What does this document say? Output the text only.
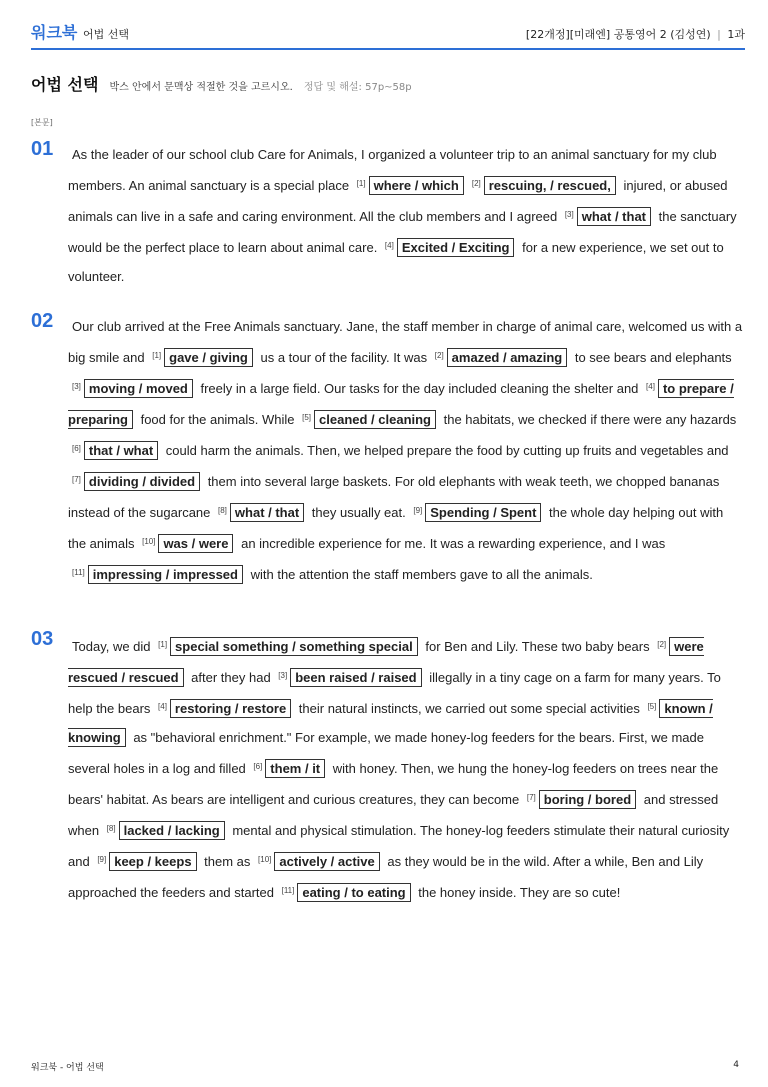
워크북 어법 선택	[22개정][미래엔] 공통영어 2 (김성연) | 1과
어법 선택 박스 안에서 문맥상 적절한 것을 고르시오. 정답 및 해설: 57p~58p
[본문]
01	As the leader of our school club Care for Animals, I organized a volunteer trip to an animal sanctuary for my club members. An animal sanctuary is a special place [1] where / which [2] rescuing, / rescued, injured, or abused animals can live in a safe and caring environment. All the club members and I agreed [3] what / that the sanctuary would be the perfect place to learn about animal care. [4] Excited / Exciting for a new experience, we set out to volunteer.
02	Our club arrived at the Free Animals sanctuary. Jane, the staff member in charge of animal care, welcomed us with a big smile and [1] gave / giving us a tour of the facility. It was [2] amazed / amazing to see bears and elephants [3] moving / moved freely in a large field. Our tasks for the day included cleaning the shelter and [4] to prepare / preparing food for the animals. While [5] cleaned / cleaning the habitats, we checked if there were any hazards [6] that / what could harm the animals. Then, we helped prepare the food by cutting up fruits and vegetables and [7] dividing / divided them into several large baskets. For old elephants with weak teeth, we chopped bananas instead of the sugarcane [8] what / that they usually eat. [9] Spending / Spent the whole day helping out with the animals [10] was / were an incredible experience for me. It was a rewarding experience, and I was [11] impressing / impressed with the attention the staff members gave to all the animals.
03	Today, we did [1] special something / something special for Ben and Lily. These two baby bears [2] were rescued / rescued after they had [3] been raised / raised illegally in a tiny cage on a farm for many years. To help the bears [4] restoring / restore their natural instincts, we carried out some special activities [5] known / knowing as "behavioral enrichment." For example, we made honey-log feeders for the bears. First, we made several holes in a log and filled [6] them / it with honey. Then, we hung the honey-log feeders on trees near the bears' habitat. As bears are intelligent and curious creatures, they can become [7] boring / bored and stressed when [8] lacked / lacking mental and physical stimulation. The honey-log feeders stimulate their natural curiosity and [9] keep / keeps them as [10] actively / active as they would be in the wild. After a while, Ben and Lily approached the feeders and started [11] eating / to eating the honey inside. They are so cute!
워크북 - 어법 선택	4
